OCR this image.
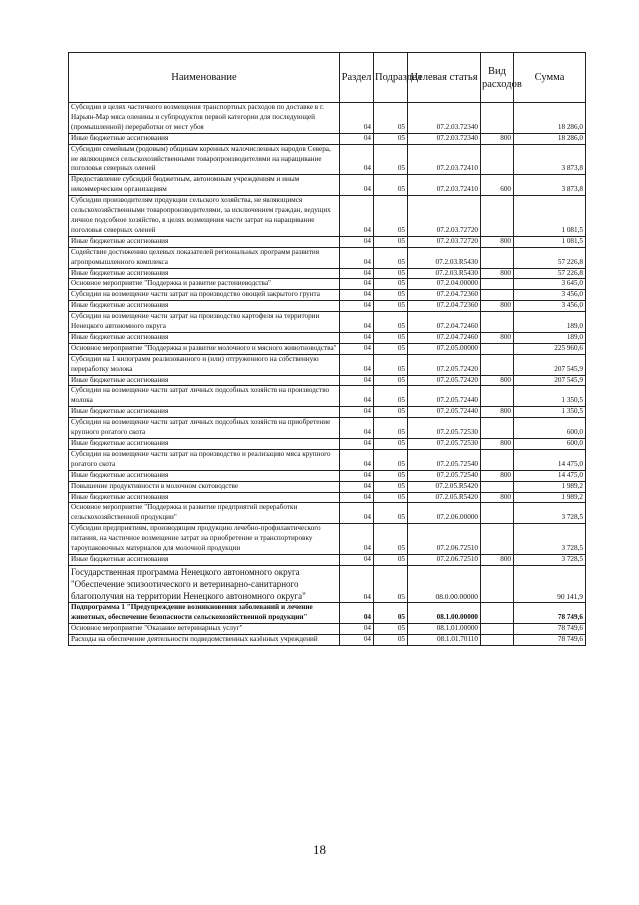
Наименование	Раздел	Подраздел	Целевая статья	Вид расходов	Сумма
Субсидии в целях частичного возмещения транспортных расходов по доставке в г. Нарьян-Мар мяса оленины и субпродуктов первой категории для последующей (промышленной) переработки от мест убоя	04	05	07.2.03.72340		18 286,0
Иные бюджетные ассигнования	04	05	07.2.03.72340	800	18 286,0
Субсидии семейным (родовым) общинам коренных малочисленных народов Севера, не являющимся сельскохозяйственными товаропроизводителями на наращивание поголовья северных оленей	04	05	07.2.03.72410		3 873,8
Предоставление субсидий бюджетным, автономным учреждениям и иным некоммерческим организациям	04	05	07.2.03.72410	600	3 873,8
Субсидии производителям продукции сельского хозяйства, не являющимся сельскохозяйственными товаропроизводителями, за исключением граждан, ведущих личное подсобное хозяйство, в целях возмещения части затрат на наращивание поголовья северных оленей	04	05	07.2.03.72720		1 081,5
Иные бюджетные ассигнования	04	05	07.2.03.72720	800	1 081,5
Содействие достижению целевых показателей региональных программ развития агропромышленного комплекса	04	05	07.2.03.R5430		57 226,8
Иные бюджетные ассигнования	04	05	07.2.03.R5430	800	57 226,8
Основное мероприятие "Поддержка и развитие растениеводства"	04	05	07.2.04.00000		3 645,0
Субсидии на возмещение части затрат на производство овощей закрытого грунта	04	05	07.2.04.72360		3 456,0
Иные бюджетные ассигнования	04	05	07.2.04.72360	800	3 456,0
Субсидии на возмещение части затрат на производство картофеля на территории Ненецкого автономного округа	04	05	07.2.04.72460		189,0
Иные бюджетные ассигнования	04	05	07.2.04.72460	800	189,0
Основное мероприятие "Поддержка и развитие молочного и мясного животноводства"	04	05	07.2.05.00000		225 960,6
Субсидии на 1 килограмм реализованного и (или) отгруженного на собственную переработку молока	04	05	07.2.05.72420		207 545,9
Иные бюджетные ассигнования	04	05	07.2.05.72420	800	207 545,9
Субсидии на возмещение части затрат личных подсобных хозяйств на производство молока	04	05	07.2.05.72440		1 350,5
Иные бюджетные ассигнования	04	05	07.2.05.72440	800	1 350,5
Субсидии на возмещение части затрат личных подсобных хозяйств на приобретение крупного рогатого скота	04	05	07.2.05.72530		600,0
Иные бюджетные ассигнования	04	05	07.2.05.72530	800	600,0
Субсидии на возмещение части затрат на производство и реализацию мяса крупного рогатого скота	04	05	07.2.05.72540		14 475,0
Иные бюджетные ассигнования	04	05	07.2.05.72540	800	14 475,0
Повышение продуктивности в молочном скотоводстве	04	05	07.2.05.R5420		1 989,2
Иные бюджетные ассигнования	04	05	07.2.05.R5420	800	1 989,2
Основное мероприятие "Поддержка и развитие предприятий переработки сельскохозяйственной продукции"	04	05	07.2.06.00000		3 728,5
Субсидии предприятиям, производящим продукцию лечебно-профилактического питания, на частичное возмещение затрат на приобретение и транспортировку тароупаковочных материалов для молочной продукции	04	05	07.2.06.72510		3 728,5
Иные бюджетные ассигнования	04	05	07.2.06.72510	800	3 728,5
Государственная программа Ненецкого автономного округа "Обеспечение эпизоотического и ветеринарно-санитарного благополучия на территории Ненецкого автономного округа"	04	05	08.0.00.00000		90 141,9
Подпрограмма 1 "Предупреждение возникновения заболеваний и лечение животных, обеспечение безопасности сельскохозяйственной продукции"	04	05	08.1.00.00000		78 749,6
Основное мероприятие "Оказание ветеринарных услуг"	04	05	08.1.01.00000		78 749,6
Расходы на обеспечение деятельности подведомственных казённых учреждений	04	05	08.1.01.70110		78 749,6
18
